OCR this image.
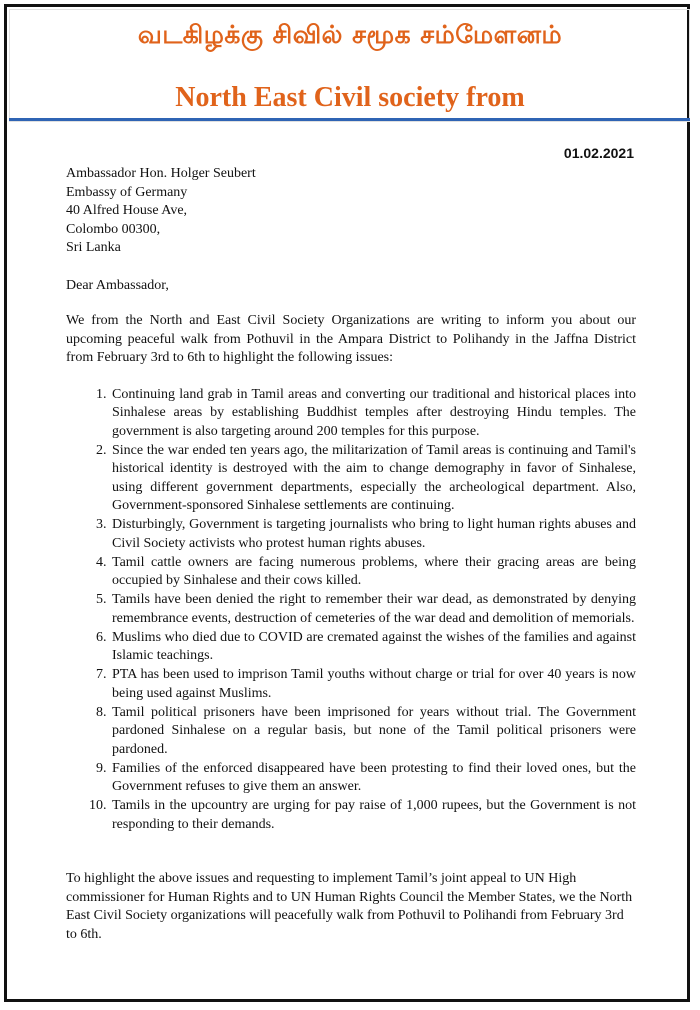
வடகிழக்கு சிவில் சமூக சம்மேளனம்
North East Civil society from
01.02.2021
Ambassador Hon. Holger Seubert
Embassy of Germany
40 Alfred House Ave,
Colombo 00300,
Sri Lanka
Dear Ambassador,
We from the North and East Civil Society Organizations are writing to inform you about our upcoming peaceful walk from Pothuvil in the Ampara District to Polihandy in the Jaffna District from February 3rd to 6th to highlight the following issues:
1. Continuing land grab in Tamil areas and converting our traditional and historical places into Sinhalese areas by establishing Buddhist temples after destroying Hindu temples. The government is also targeting around 200 temples for this purpose.
2. Since the war ended ten years ago, the militarization of Tamil areas is continuing and Tamil's historical identity is destroyed with the aim to change demography in favor of Sinhalese, using different government departments, especially the archeological department. Also, Government-sponsored Sinhalese settlements are continuing.
3. Disturbingly, Government is targeting journalists who bring to light human rights abuses and Civil Society activists who protest human rights abuses.
4. Tamil cattle owners are facing numerous problems, where their gracing areas are being occupied by Sinhalese and their cows killed.
5. Tamils have been denied the right to remember their war dead, as demonstrated by denying remembrance events, destruction of cemeteries of the war dead and demolition of memorials.
6. Muslims who died due to COVID are cremated against the wishes of the families and against Islamic teachings.
7. PTA has been used to imprison Tamil youths without charge or trial for over 40 years is now being used against Muslims.
8. Tamil political prisoners have been imprisoned for years without trial. The Government pardoned Sinhalese on a regular basis, but none of the Tamil political prisoners were pardoned.
9. Families of the enforced disappeared have been protesting to find their loved ones, but the Government refuses to give them an answer.
10. Tamils in the upcountry are urging for pay raise of 1,000 rupees, but the Government is not responding to their demands.
To highlight the above issues and requesting to implement Tamil’s joint appeal to UN High commissioner for Human Rights and to UN Human Rights Council the Member States, we the North East Civil Society organizations will peacefully walk from Pothuvil to Polihandi from February 3rd to 6th.
